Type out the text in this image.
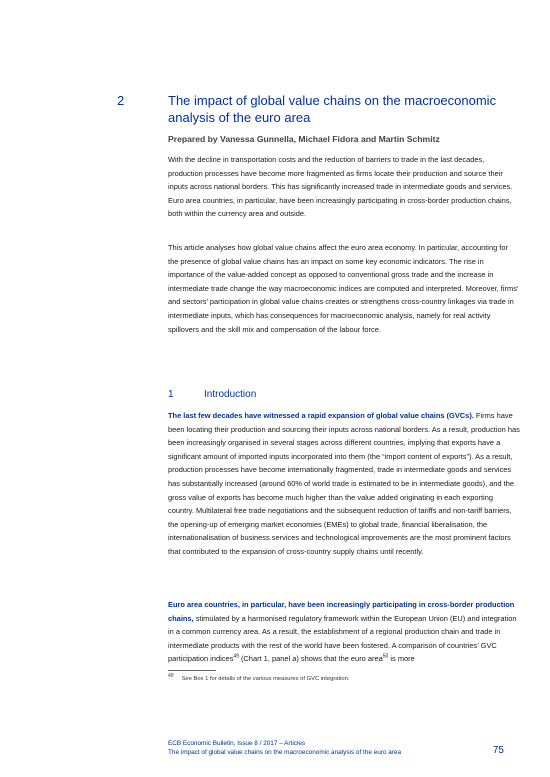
2	The impact of global value chains on the macroeconomic analysis of the euro area
Prepared by Vanessa Gunnella, Michael Fidora and Martin Schmitz

With the decline in transportation costs and the reduction of barriers to trade in the last decades, production processes have become more fragmented as firms locate their production and source their inputs across national borders. This has significantly increased trade in intermediate goods and services. Euro area countries, in particular, have been increasingly participating in cross-border production chains, both within the currency area and outside.

This article analyses how global value chains affect the euro area economy. In particular, accounting for the presence of global value chains has an impact on some key economic indicators. The rise in importance of the value-added concept as opposed to conventional gross trade and the increase in intermediate trade change the way macroeconomic indices are computed and interpreted. Moreover, firms’ and sectors’ participation in global value chains creates or strengthens cross-country linkages via trade in intermediate inputs, which has consequences for macroeconomic analysis, namely for real activity spillovers and the skill mix and compensation of the labour force.

1	Introduction

The last few decades have witnessed a rapid expansion of global value chains (GVCs). Firms have been locating their production and sourcing their inputs across national borders. As a result, production has been increasingly organised in several stages across different countries, implying that exports have a significant amount of imported inputs incorporated into them (the “import content of exports”). As a result, production processes have become internationally fragmented, trade in intermediate goods and services has substantially increased (around 60% of world trade is estimated to be in intermediate goods), and the gross value of exports has become much higher than the value added originating in each exporting country. Multilateral free trade negotiations and the subsequent reduction of tariffs and non-tariff barriers, the opening-up of emerging market economies (EMEs) to global trade, financial liberalisation, the internationalisation of business services and technological improvements are the most prominent factors that contributed to the expansion of cross-country supply chains until recently.

Euro area countries, in particular, have been increasingly participating in cross-border production chains, stimulated by a harmonised regulatory framework within the European Union (EU) and integration in a common currency area. As a result, the establishment of a regional production chain and trade in intermediate products with the rest of the world have been fostered. A comparison of countries’ GVC participation indices$^{49}$ (Chart 1, panel a) shows that the euro area$^{50}$ is more

49 See Box 1 for details of the various measures of GVC integration.
ECB Economic Bulletin, Issue 8 / 2017 – Articles
The impact of global value chains on the macroeconomic analysis of the euro area	75
